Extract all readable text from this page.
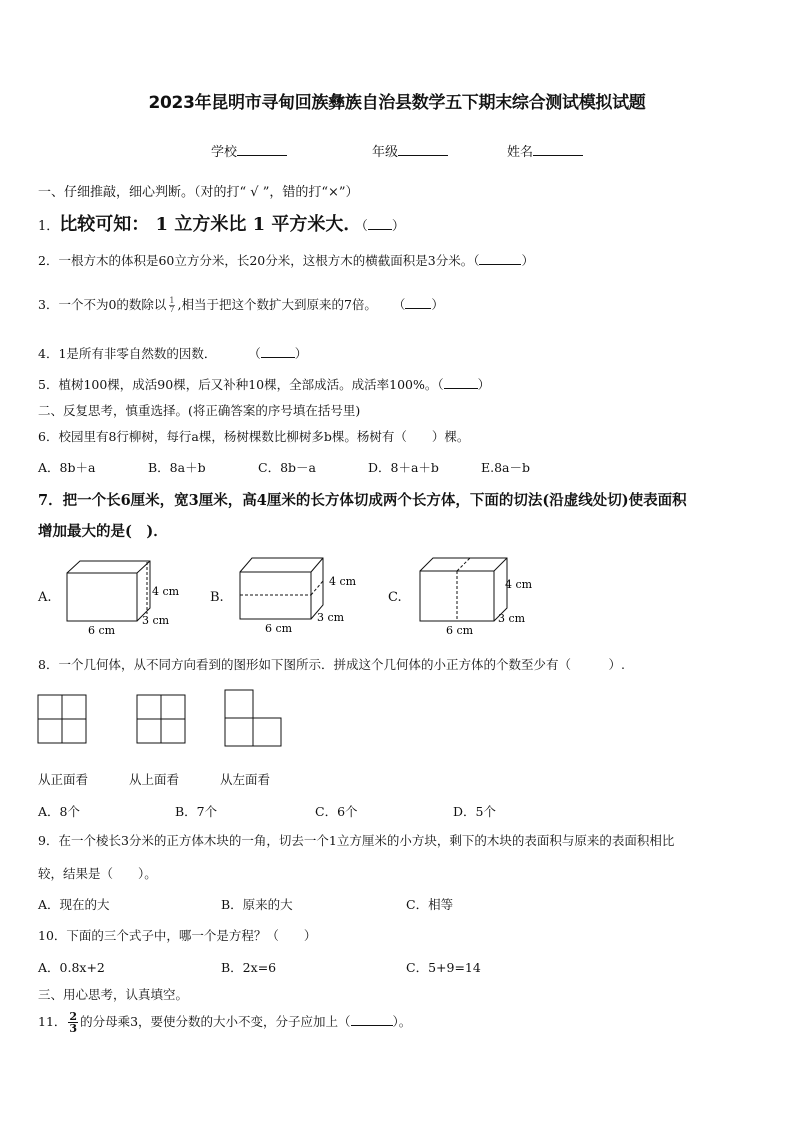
2023年昆明市寻甸回族彝族自治县数学五下期末综合测试模拟试题
学校	年级	姓名
一、仔细推敲，细心判断。（对的打“ √ ”，错的打“×”）
1．比较可知： 1 立方米比 1 平方米大．（ ）
2．一根方木的体积是60立方分米，长20分米，这根方木的横截面积是3分米。（	）
3．一个不为0的数除以 $\frac{1}{7}$ ,相当于把这个数扩大到原来的7倍。 （ ）
4．1是所有非零自然数的因数．	（	）
5．植树100棵，成活90棵，后又补种10棵，全部成活。成活率100%。（	）
二、反复思考，慎重选择。(将正确答案的序号填在括号里)
6．校园里有8行柳树，每行a棵，杨树棵数比柳树多b棵。杨树有（　　）棵。
A．8b＋a	B．8a＋b	C．8b－a	D．8＋a＋b	E.8a－b
7．把一个长6厘米，宽3厘米，高4厘米的长方体切成两个长方体，下面的切法(沿虚线处切)使表面积
增加最大的是(　)．
A.	4 cm
3 cm
6 cm
B.
4 cm
3 cm
6 cm
C.
4 cm
3 cm
6 cm
8．一个几何体，从不同方向看到的图形如下图所示．拼成这个几何体的小正方体的个数至少有（　　　）.
从正面看	从上面看	从左面看
A．8个	B．7个	C．6个	D．5个
9．在一个棱长3分米的正方体木块的一角，切去一个1立方厘米的小方块，剩下的木块的表面积与原来的表面积相比
较，结果是（　　）。
A．现在的大	B．原来的大	C．相等
10．下面的三个式子中，哪一个是方程？（　　）
A．0.8x+2	B．2x=6	C．5+9=14
三、用心思考，认真填空。
11． $\frac{2}{3}$ 的分母乘3，要使分数的大小不变，分子应加上（	）。
